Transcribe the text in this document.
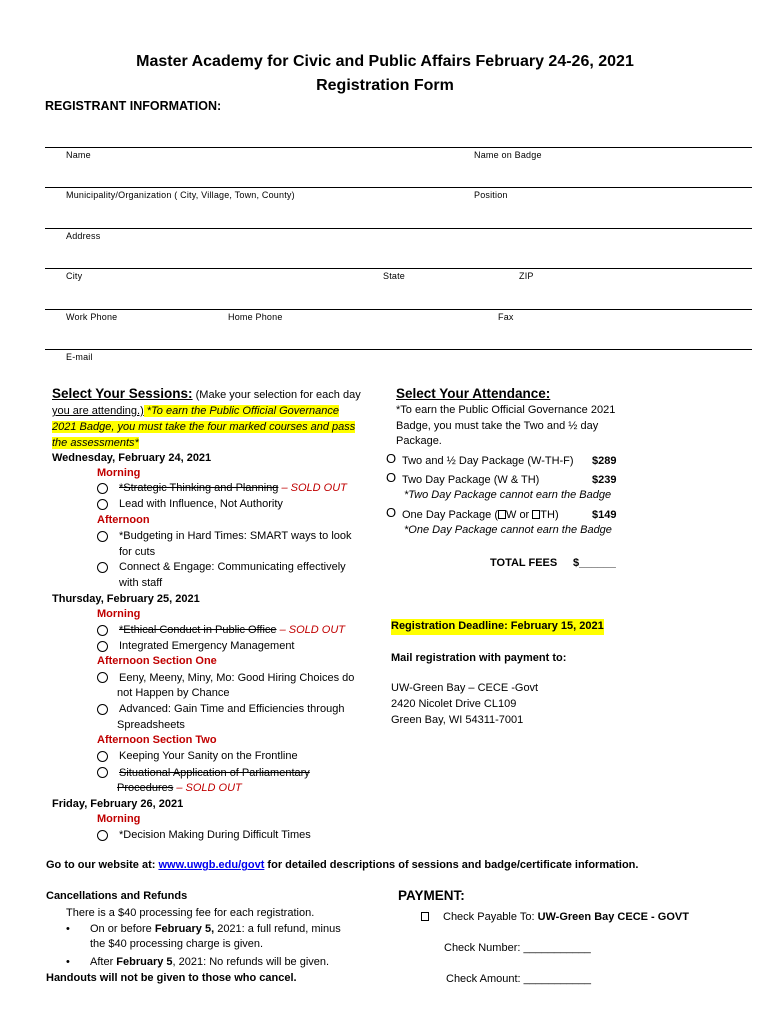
Master Academy for Civic and Public Affairs February 24-26, 2021
Registration Form
REGISTRANT INFORMATION:
Name	Name on Badge
Municipality/Organization ( City, Village, Town, County)	Position
Address
City	State	ZIP
Work Phone	Home Phone	Fax
E-mail
Select Your Sessions: (Make your selection for each day
you are attending.) *To earn the Public Official Governance
2021 Badge, you must take the four marked courses and pass
the assessments*
Wednesday, February 24, 2021
Morning
*Strategic Thinking and Planning – SOLD OUT
Lead with Influence, Not Authority
Afternoon
*Budgeting in Hard Times: SMART ways to look
for cuts
Connect & Engage: Communicating effectively
with staff
Thursday, February 25, 2021
Morning
*Ethical Conduct in Public Office – SOLD OUT
Integrated Emergency Management
Afternoon Section One
Eeny, Meeny, Miny, Mo: Good Hiring Choices do
not Happen by Chance
Advanced: Gain Time and Efficiencies through
Spreadsheets
Afternoon Section Two
Keeping Your Sanity on the Frontline
Situational Application of Parliamentary
Procedures – SOLD OUT
Friday, February 26, 2021
Morning
*Decision Making During Difficult Times
Select Your Attendance:
*To earn the Public Official Governance 2021
Badge, you must take the Two and ½ day
Package.
O Two and ½ Day Package (W-TH-F) $289
O Two Day Package (W & TH)	$239
*Two Day Package cannot earn the Badge
O One Day Package ( W or TH)	$149
*One Day Package cannot earn the Badge
TOTAL FEES $______
Registration Deadline: February 15, 2021
Mail registration with payment to:
UW-Green Bay – CECE -Govt
2420 Nicolet Drive CL109
Green Bay, WI 54311-7001
Go to our website at: www.uwgb.edu/govt for detailed descriptions of sessions and badge/certificate information.
Cancellations and Refunds
There is a $40 processing fee for each registration.
• On or before February 5, 2021: a full refund, minus
the $40 processing charge is given.
• After February 5, 2021: No refunds will be given.
Handouts will not be given to those who cancel.
PAYMENT:
Check Payable To: UW-Green Bay CECE - GOVT
Check Number: ___________
Check Amount: ___________
